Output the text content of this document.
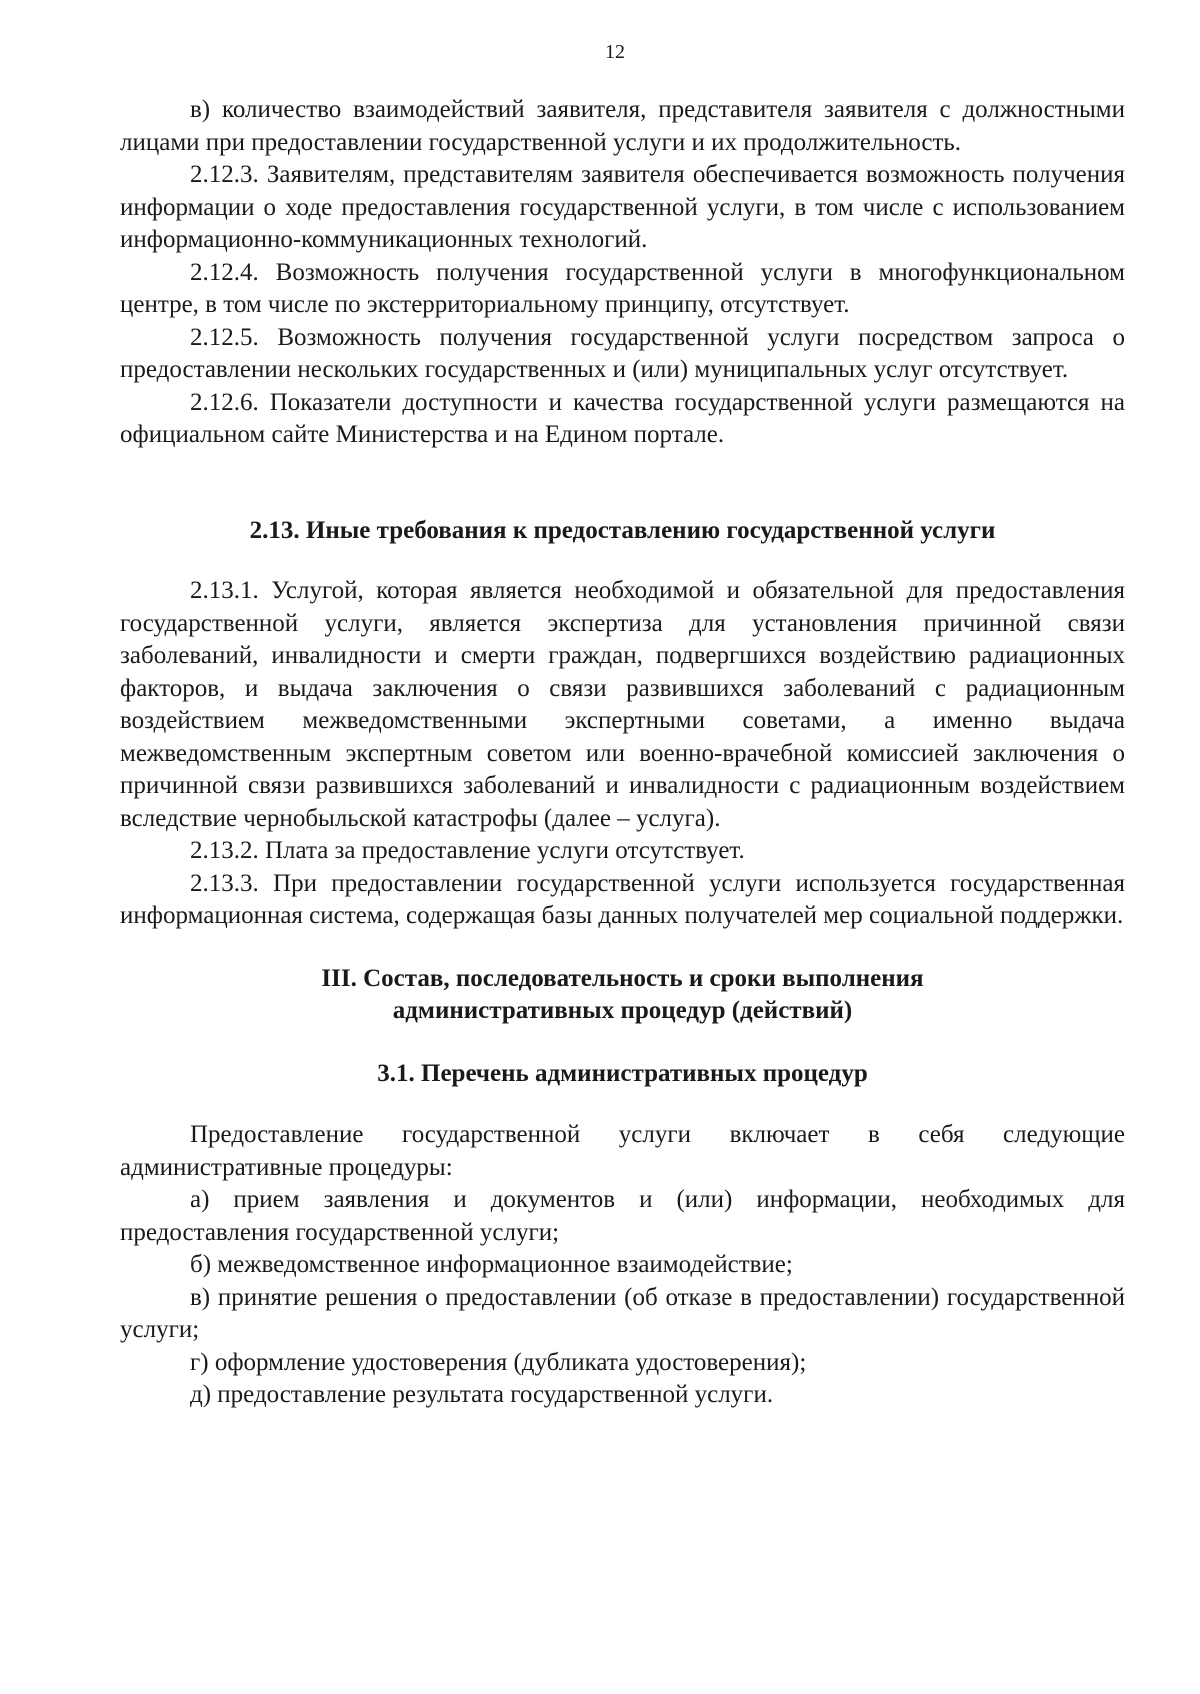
12

в) количество взаимодействий заявителя, представителя заявителя с должностными лицами при предоставлении государственной услуги и их продолжительность.

2.12.3. Заявителям, представителям заявителя обеспечивается возможность получения информации о ходе предоставления государственной услуги, в том числе с использованием информационно-коммуникационных технологий.

2.12.4. Возможность получения государственной услуги в многофункциональном центре, в том числе по экстерриториальному принципу, отсутствует.

2.12.5. Возможность получения государственной услуги посредством запроса о предоставлении нескольких государственных и (или) муниципальных услуг отсутствует.

2.12.6. Показатели доступности и качества государственной услуги размещаются на официальном сайте Министерства и на Едином портале.

2.13. Иные требования к предоставлению государственной услуги

2.13.1. Услугой, которая является необходимой и обязательной для предоставления государственной услуги, является экспертиза для установления причинной связи заболеваний, инвалидности и смерти граждан, подвергшихся воздействию радиационных факторов, и выдача заключения о связи развившихся заболеваний с радиационным воздействием межведомственными экспертными советами, а именно выдача межведомственным экспертным советом или военно-врачебной комиссией заключения о причинной связи развившихся заболеваний и инвалидности с радиационным воздействием вследствие чернобыльской катастрофы (далее – услуга).

2.13.2. Плата за предоставление услуги отсутствует.

2.13.3. При предоставлении государственной услуги используется государственная информационная система, содержащая базы данных получателей мер социальной поддержки.

III. Состав, последовательность и сроки выполнения

административных процедур (действий)

3.1. Перечень административных процедур

Предоставление государственной услуги включает в себя следующие административные процедуры:

а) прием заявления и документов и (или) информации, необходимых для предоставления государственной услуги;

б) межведомственное информационное взаимодействие;

в) принятие решения о предоставлении (об отказе в предоставлении) государственной услуги;

г) оформление удостоверения (дубликата удостоверения);

д) предоставление результата государственной услуги.
